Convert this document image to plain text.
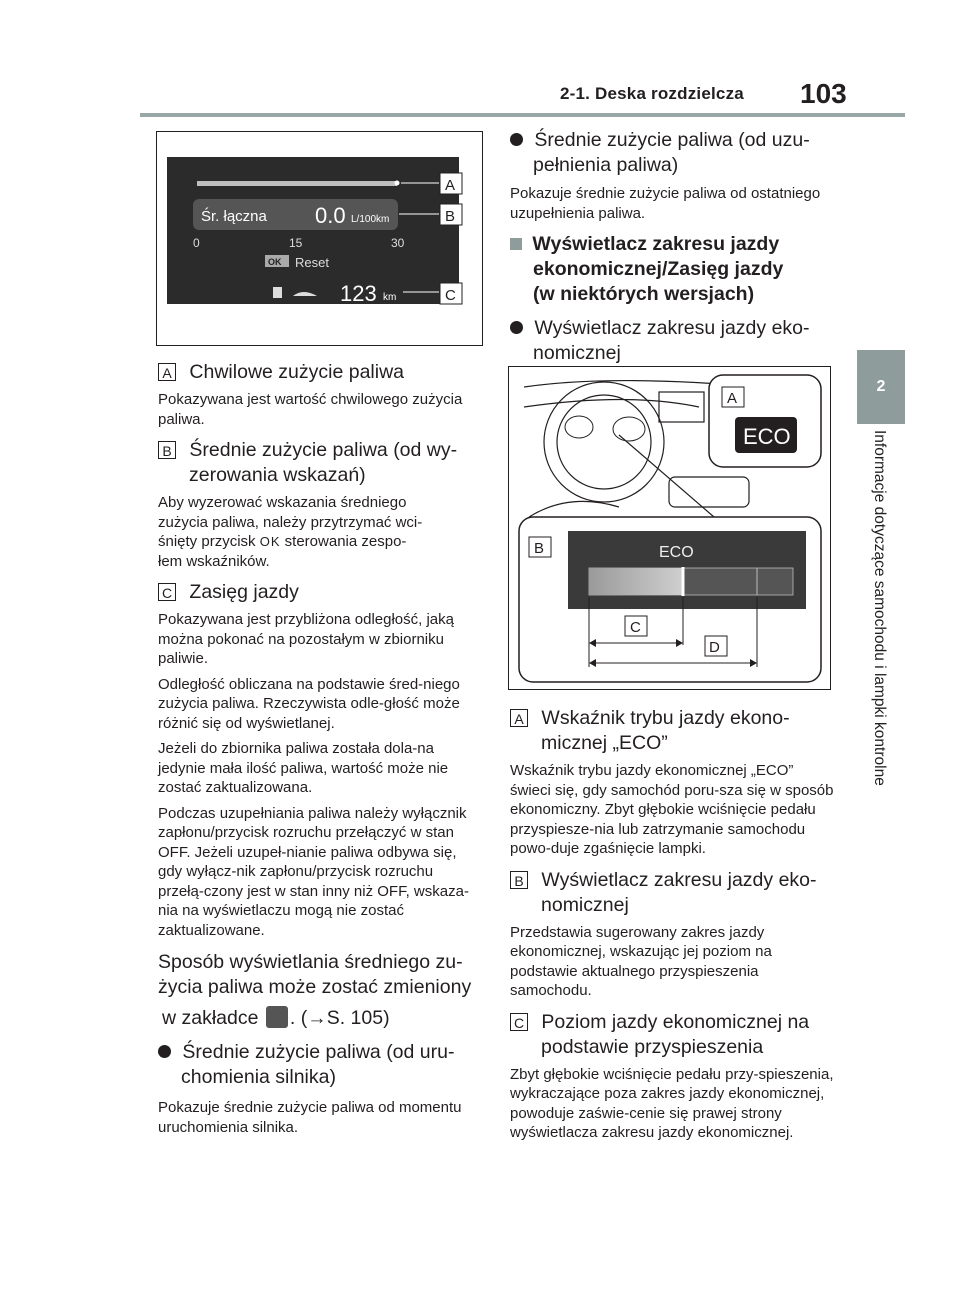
2-1. Deska rozdzielcza 103
2
Informacje dotyczące samochodu i lampki kontrolne
Śr. łączna 0.0 L/100km
0	15	30
OK Reset
123 km
A
B
C
A Chwilowe zużycie paliwa
Pokazywana jest wartość chwilowego zużycia paliwa.
B Średnie zużycie paliwa (od wy-
zerowania wskazań)
Aby wyzerować wskazania średniego
zużycia paliwa, należy przytrzymać wci-
śnięty przycisk OK sterowania zespo-
łem wskaźników.
C Zasięg jazdy
Pokazywana jest przybliżona odległość, jaką można pokonać na pozostałym w zbiorniku paliwie.
Odległość obliczana na podstawie śred-niego zużycia paliwa. Rzeczywista odle-głość może różnić się od wyświetlanej.
Jeżeli do zbiornika paliwa została dola-na jedynie mała ilość paliwa, wartość może nie zostać zaktualizowana.
Podczas uzupełniania paliwa należy wyłącznik zapłonu/przycisk rozruchu przełączyć w stan OFF. Jeżeli uzupeł-nianie paliwa odbywa się, gdy wyłącz-nik zapłonu/przycisk rozruchu przełą-czony jest w stan inny niż OFF, wskaza-nia na wyświetlaczu mogą nie zostać zaktualizowane.
Sposób wyświetlania średniego zu-
życia paliwa może zostać zmieniony
w zakładce . (→S. 105)
Średnie zużycie paliwa (od uru-
chomienia silnika)
Pokazuje średnie zużycie paliwa od momentu uruchomienia silnika.
Średnie zużycie paliwa (od uzu-
pełnienia paliwa)
Pokazuje średnie zużycie paliwa od ostatniego uzupełnienia paliwa.
Wyświetlacz zakresu jazdy
ekonomicznej/Zasięg jazdy
(w niektórych wersjach)
Wyświetlacz zakresu jazdy eko-
nomicznej
ECO
A
ECO
B
C
D
A Wskaźnik trybu jazdy ekono-
micznej „ECO”
Wskaźnik trybu jazdy ekonomicznej „ECO” świeci się, gdy samochód poru-sza się w sposób ekonomiczny. Zbyt głębokie wciśnięcie pedału przyspiesze-nia lub zatrzymanie samochodu powo-duje zgaśnięcie lampki.
B Wyświetlacz zakresu jazdy eko-
nomicznej
Przedstawia sugerowany zakres jazdy ekonomicznej, wskazując jej poziom na podstawie aktualnego przyspieszenia samochodu.
C Poziom jazdy ekonomicznej na
podstawie przyspieszenia
Zbyt głębokie wciśnięcie pedału przy-spieszenia, wykraczające poza zakres jazdy ekonomicznej, powoduje zaświe-cenie się prawej strony wyświetlacza zakresu jazdy ekonomicznej.
